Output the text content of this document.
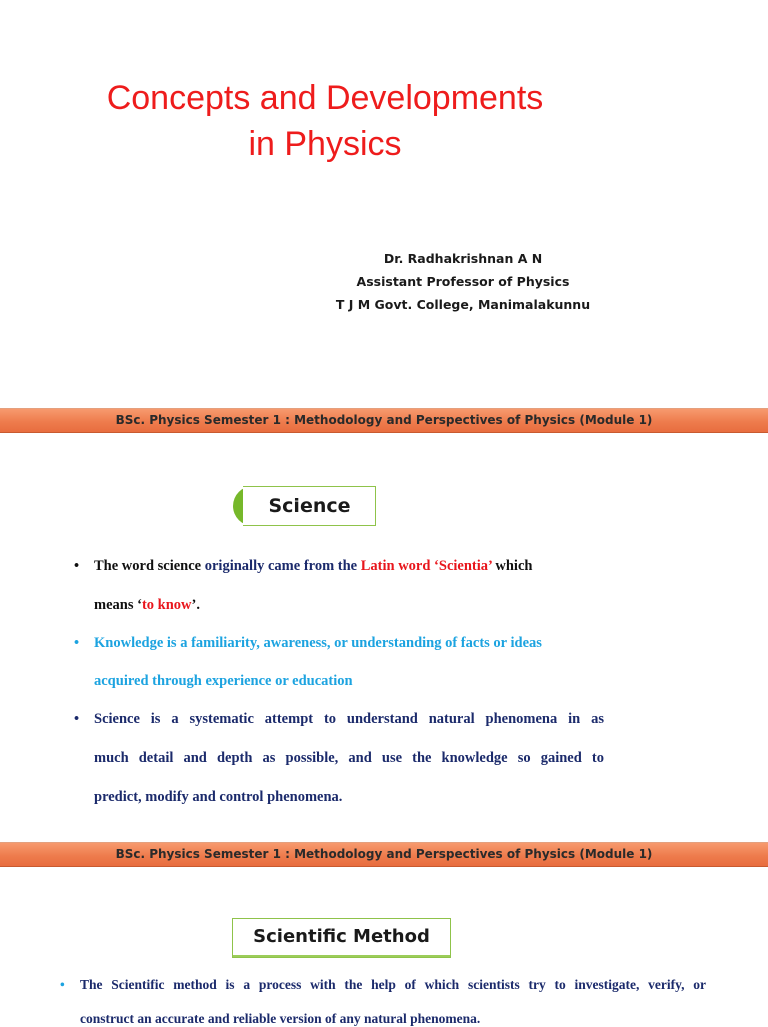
Concepts and Developments
in Physics
Dr. Radhakrishnan A N
Assistant Professor of Physics
T J M Govt. College, Manimalakunnu
BSc. Physics Semester 1 : Methodology and Perspectives of Physics (Module 1)
Science
• The word science originally came from the Latin word ‘Scientia’ which
means ‘to know’.
• Knowledge is a familiarity, awareness, or understanding of facts or ideas
acquired through experience or education
• Science is a systematic attempt to understand natural phenomena in as
much detail and depth as possible, and use the knowledge so gained to
predict, modify and control phenomena.
BSc. Physics Semester 1 : Methodology and Perspectives of Physics (Module 1)
Scientific Method
• The Scientific method is a process with the help of which scientists try to investigate, verify, or
construct an accurate and reliable version of any natural phenomena.
